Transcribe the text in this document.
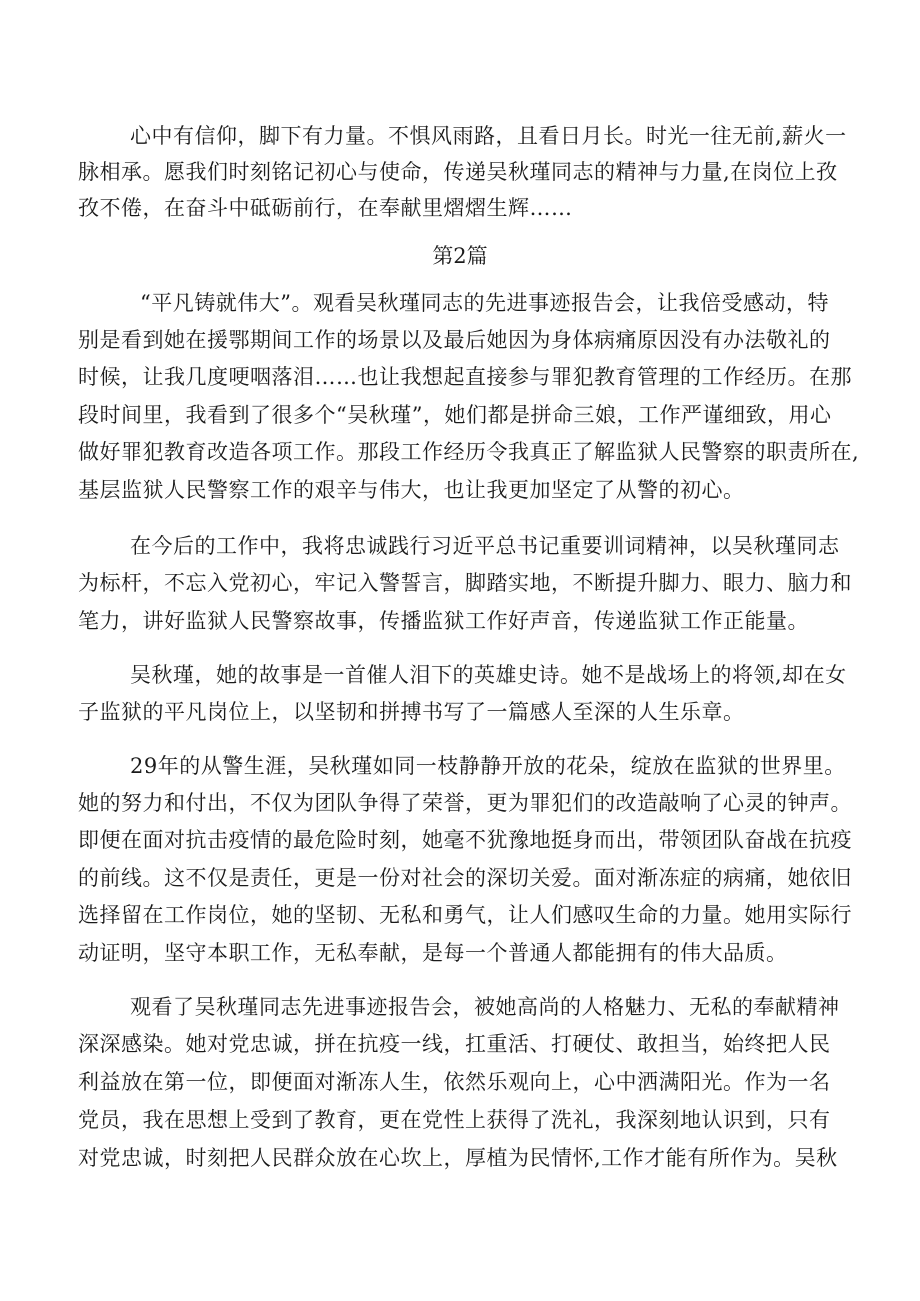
心中有信仰，脚下有力量。不惧风雨路，且看日月长。时光一往无前,薪火一
脉相承。愿我们时刻铭记初心与使命，传递吴秋瑾同志的精神与力量,在岗位上孜
孜不倦，在奋斗中砥砺前行，在奉献里熠熠生辉……
第2篇
“平凡铸就伟大”。观看吴秋瑾同志的先进事迹报告会，让我倍受感动，特
别是看到她在援鄂期间工作的场景以及最后她因为身体病痛原因没有办法敬礼的
时候，让我几度哽咽落泪……也让我想起直接参与罪犯教育管理的工作经历。在那
段时间里，我看到了很多个“吴秋瑾”，她们都是拼命三娘，工作严谨细致，用心
做好罪犯教育改造各项工作。那段工作经历令我真正了解监狱人民警察的职责所在,
基层监狱人民警察工作的艰辛与伟大，也让我更加坚定了从警的初心。
在今后的工作中，我将忠诚践行习近平总书记重要训词精神，以吴秋瑾同志
为标杆，不忘入党初心，牢记入警誓言，脚踏实地，不断提升脚力、眼力、脑力和
笔力，讲好监狱人民警察故事，传播监狱工作好声音，传递监狱工作正能量。
吴秋瑾，她的故事是一首催人泪下的英雄史诗。她不是战场上的将领,却在女
子监狱的平凡岗位上，以坚韧和拼搏书写了一篇感人至深的人生乐章。
29年的从警生涯，吴秋瑾如同一枝静静开放的花朵，绽放在监狱的世界里。
她的努力和付出，不仅为团队争得了荣誉，更为罪犯们的改造敲响了心灵的钟声。
即便在面对抗击疫情的最危险时刻，她毫不犹豫地挺身而出，带领团队奋战在抗疫
的前线。这不仅是责任，更是一份对社会的深切关爱。面对渐冻症的病痛，她依旧
选择留在工作岗位，她的坚韧、无私和勇气，让人们感叹生命的力量。她用实际行
动证明，坚守本职工作，无私奉献，是每一个普通人都能拥有的伟大品质。
观看了吴秋瑾同志先进事迹报告会，被她高尚的人格魅力、无私的奉献精神
深深感染。她对党忠诚，拼在抗疫一线，扛重活、打硬仗、敢担当，始终把人民
利益放在第一位，即便面对渐冻人生，依然乐观向上，心中洒满阳光。作为一名
党员，我在思想上受到了教育，更在党性上获得了洗礼，我深刻地认识到，只有
对党忠诚，时刻把人民群众放在心坎上，厚植为民情怀,工作才能有所作为。吴秋
